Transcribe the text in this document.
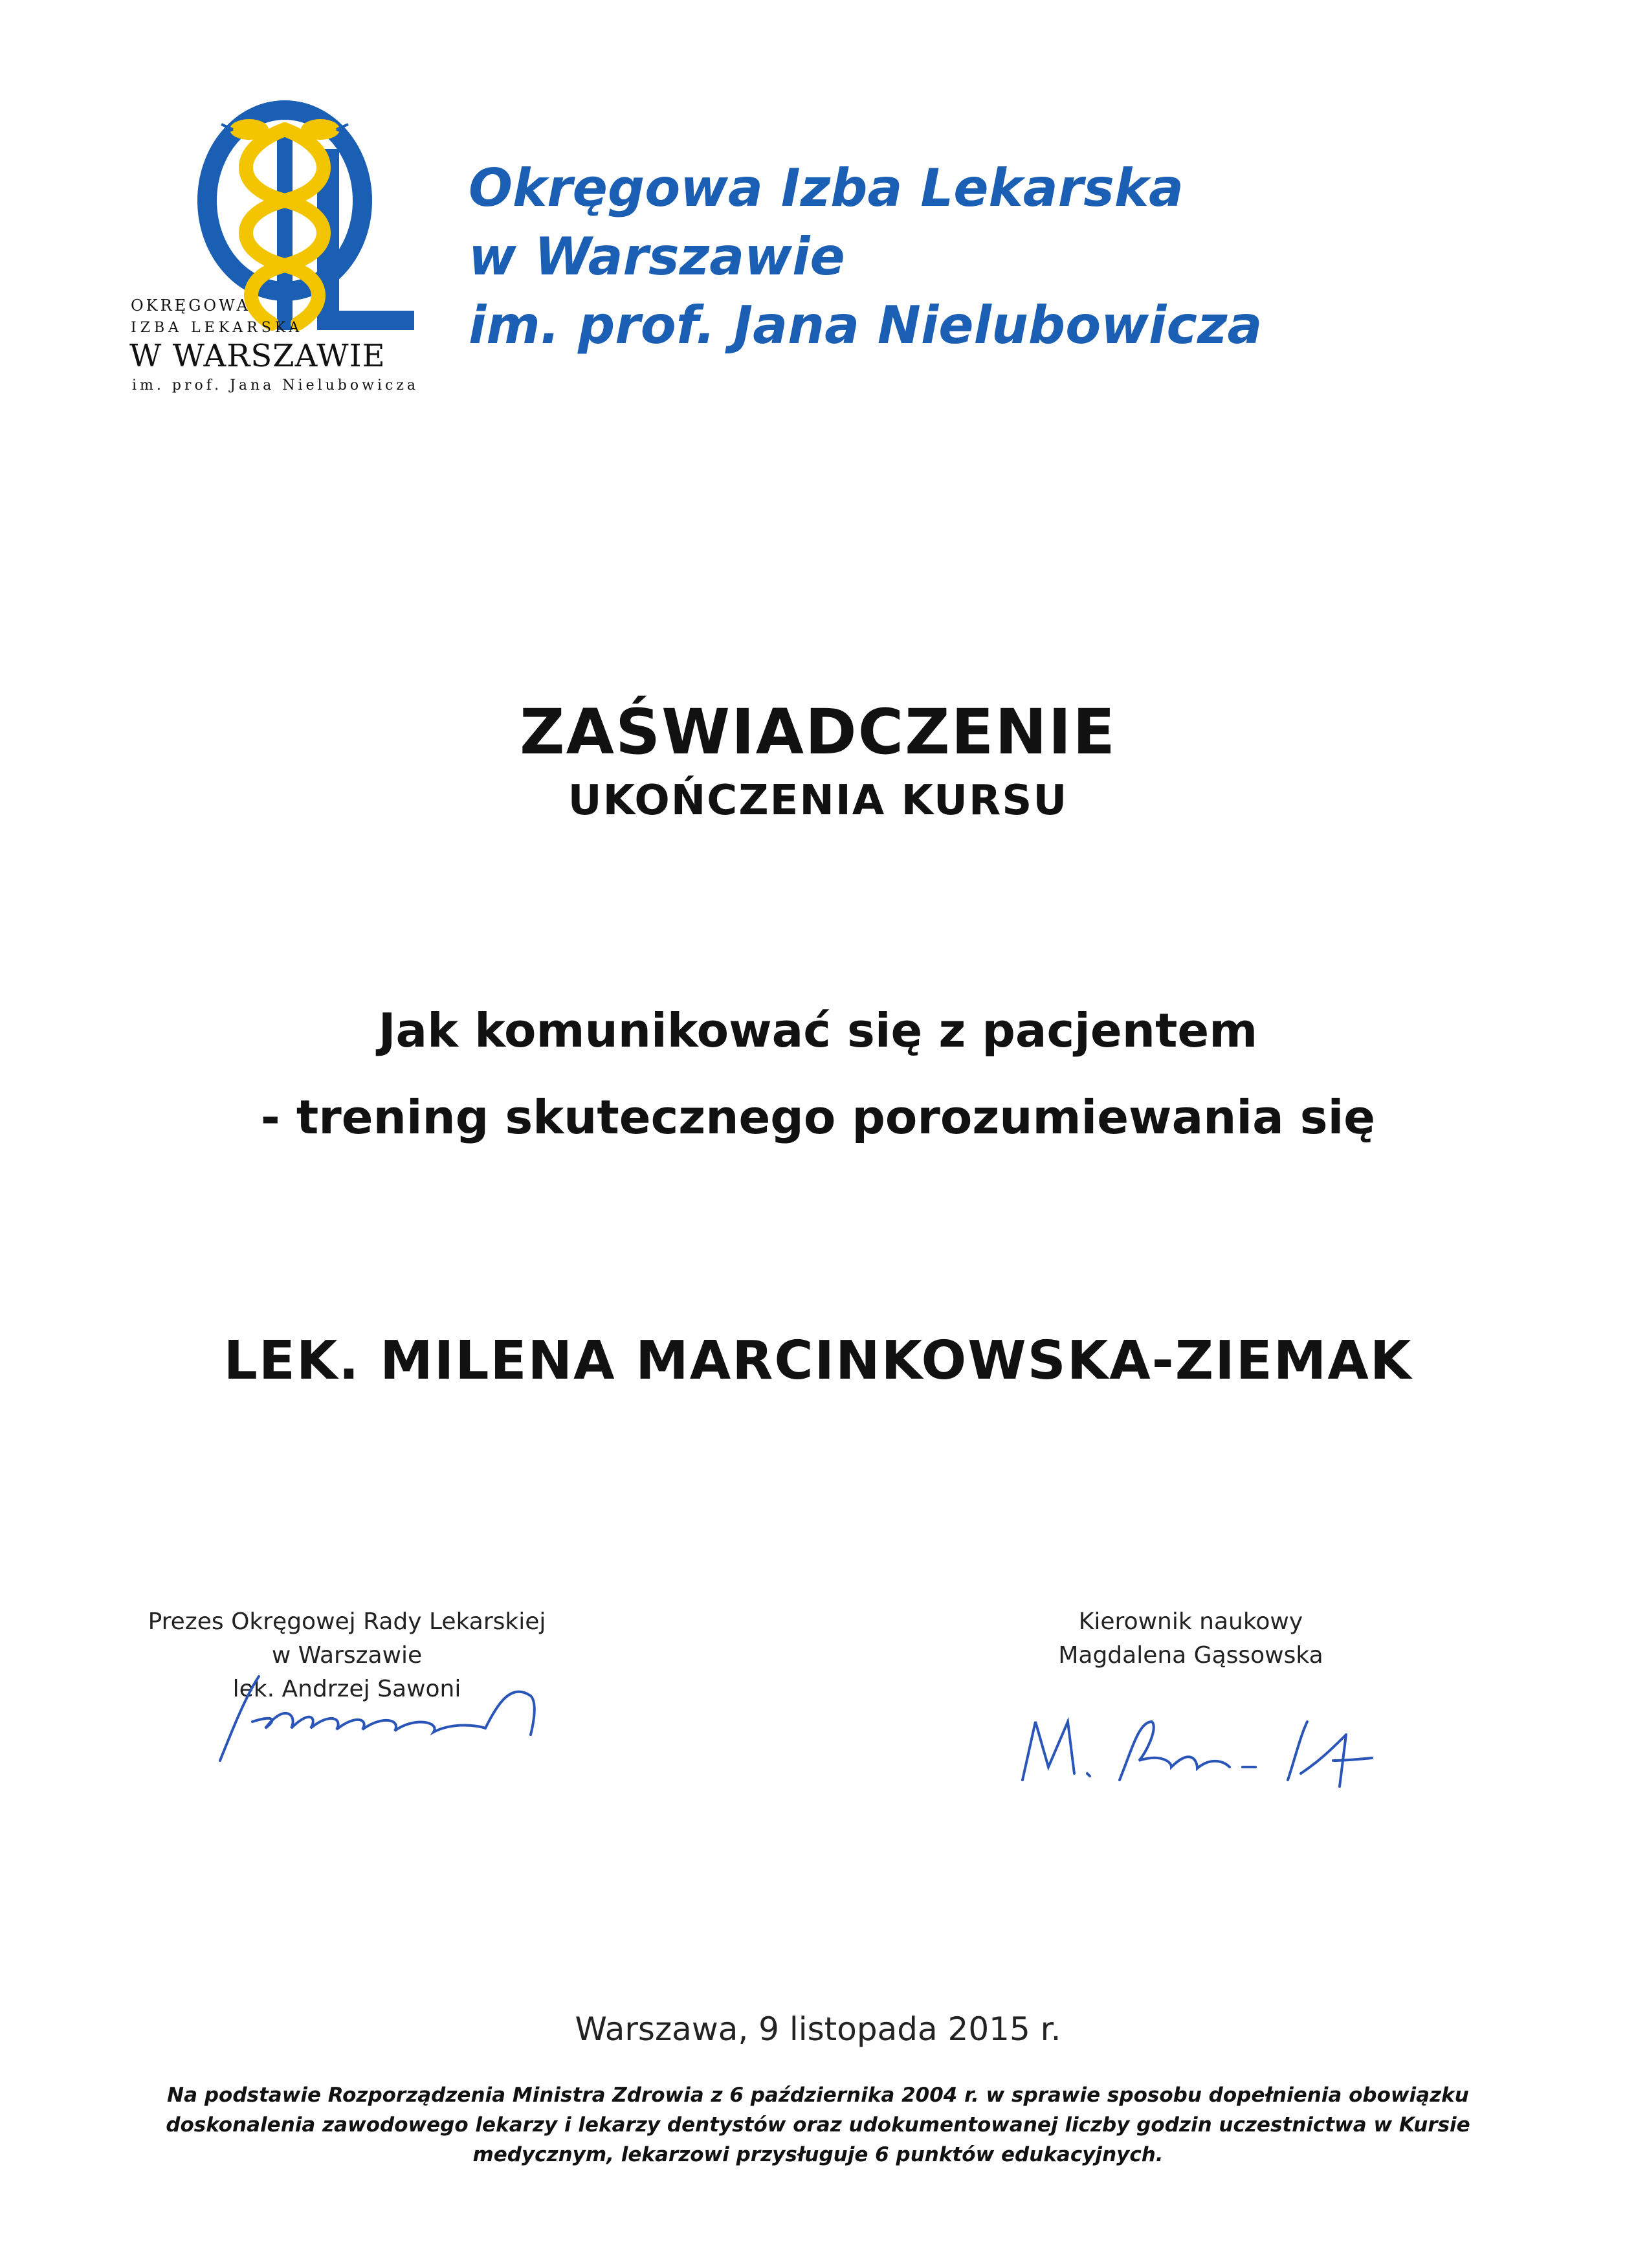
OKRĘGOWA
IZBA LEKARSKA
W WARSZAWIE
im. prof. Jana Nielubowicza
Okręgowa Izba Lekarska
w Warszawie
im. prof. Jana Nielubowicza
ZAŚWIADCZENIE
UKOŃCZENIA KURSU
Jak komunikować się z pacjentem
- trening skutecznego porozumiewania się
LEK. MILENA MARCINKOWSKA-ZIEMAK
Prezes Okręgowej Rady Lekarskiej
w Warszawie
lek. Andrzej Sawoni
Kierownik naukowy
Magdalena Gąssowska
Warszawa, 9 listopada 2015 r.
Na podstawie Rozporządzenia Ministra Zdrowia z 6 października 2004 r. w sprawie sposobu dopełnienia obowiązku doskonalenia zawodowego lekarzy i lekarzy dentystów oraz udokumentowanej liczby godzin uczestnictwa w Kursie medycznym, lekarzowi przysługuje 6 punktów edukacyjnych.
